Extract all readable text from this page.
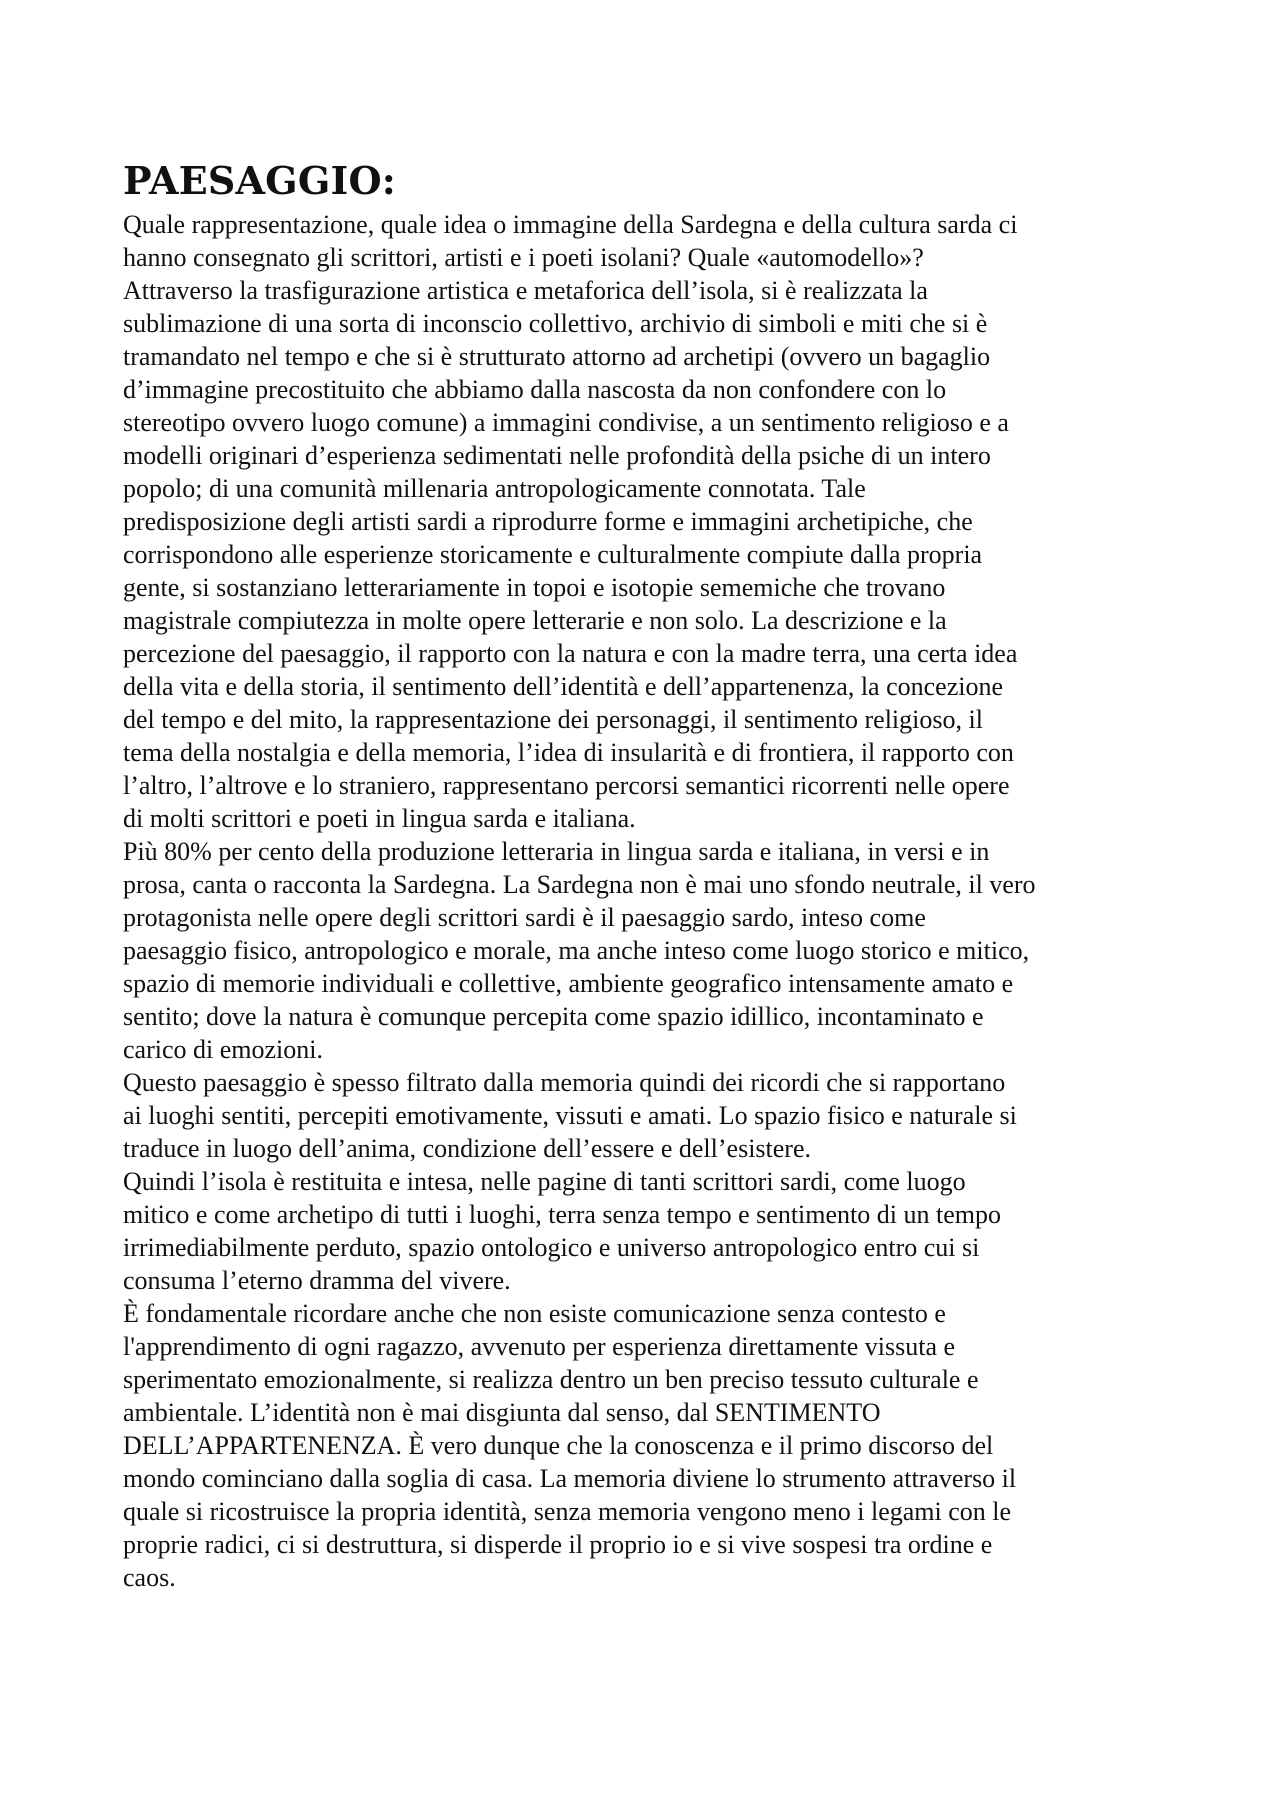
PAESAGGIO:

Quale rappresentazione, quale idea o immagine della Sardegna e della cultura sarda ci
hanno consegnato gli scrittori, artisti e i poeti isolani? Quale «automodello»?
Attraverso la trasfigurazione artistica e metaforica dell’isola, si è realizzata la
sublimazione di una sorta di inconscio collettivo, archivio di simboli e miti che si è
tramandato nel tempo e che si è strutturato attorno ad archetipi (ovvero un bagaglio
d’immagine precostituito che abbiamo dalla nascosta da non confondere con lo
stereotipo ovvero luogo comune) a immagini condivise, a un sentimento religioso e a
modelli originari d’esperienza sedimentati nelle profondità della psiche di un intero
popolo; di una comunità millenaria antropologicamente connotata. Tale
predisposizione degli artisti sardi a riprodurre forme e immagini archetipiche, che
corrispondono alle esperienze storicamente e culturalmente compiute dalla propria
gente, si sostanziano letterariamente in topoi e isotopie sememiche che trovano
magistrale compiutezza in molte opere letterarie e non solo. La descrizione e la
percezione del paesaggio, il rapporto con la natura e con la madre terra, una certa idea
della vita e della storia, il sentimento dell’identità e dell’appartenenza, la concezione
del tempo e del mito, la rappresentazione dei personaggi, il sentimento religioso, il
tema della nostalgia e della memoria, l’idea di insularità e di frontiera, il rapporto con
l’altro, l’altrove e lo straniero, rappresentano percorsi semantici ricorrenti nelle opere
di molti scrittori e poeti in lingua sarda e italiana.

Più 80% per cento della produzione letteraria in lingua sarda e italiana, in versi e in
prosa, canta o racconta la Sardegna. La Sardegna non è mai uno sfondo neutrale, il vero
protagonista nelle opere degli scrittori sardi è il paesaggio sardo, inteso come
paesaggio fisico, antropologico e morale, ma anche inteso come luogo storico e mitico,
spazio di memorie individuali e collettive, ambiente geografico intensamente amato e
sentito; dove la natura è comunque percepita come spazio idillico, incontaminato e
carico di emozioni.

Questo paesaggio è spesso filtrato dalla memoria quindi dei ricordi che si rapportano
ai luoghi sentiti, percepiti emotivamente, vissuti e amati. Lo spazio fisico e naturale si
traduce in luogo dell’anima, condizione dell’essere e dell’esistere.

Quindi l’isola è restituita e intesa, nelle pagine di tanti scrittori sardi, come luogo
mitico e come archetipo di tutti i luoghi, terra senza tempo e sentimento di un tempo
irrimediabilmente perduto, spazio ontologico e universo antropologico entro cui si
consuma l’eterno dramma del vivere.

È fondamentale ricordare anche che non esiste comunicazione senza contesto e
l'apprendimento di ogni ragazzo, avvenuto per esperienza direttamente vissuta e
sperimentato emozionalmente, si realizza dentro un ben preciso tessuto culturale e
ambientale. L’identità non è mai disgiunta dal senso, dal SENTIMENTO
DELL’APPARTENENZA. È vero dunque che la conoscenza e il primo discorso del
mondo cominciano dalla soglia di casa. La memoria diviene lo strumento attraverso il
quale si ricostruisce la propria identità, senza memoria vengono meno i legami con le
proprie radici, ci si destruttura, si disperde il proprio io e si vive sospesi tra ordine e
caos.
